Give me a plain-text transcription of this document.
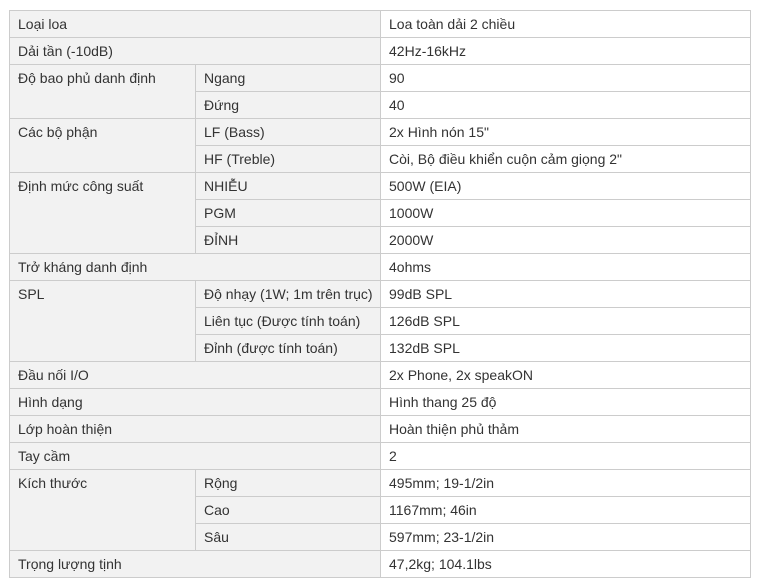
Loại loa		Loa toàn dải 2 chiều
Dải tần (-10dB)		42Hz-16kHz
Độ bao phủ danh định	Ngang	90
	Đứng	40
Các bộ phận	LF (Bass)	2x Hình nón 15"
	HF (Treble)	Còi, Bộ điều khiển cuộn cảm giọng 2"
Định mức công suất	NHIỄU	500W (EIA)
	PGM	1000W
	ĐỈNH	2000W
Trở kháng danh định		4ohms
SPL	Độ nhạy (1W; 1m trên trục)	99dB SPL
	Liên tục (Được tính toán)	126dB SPL
	Đỉnh (được tính toán)	132dB SPL
Đầu nối I/O		2x Phone, 2x speakON
Hình dạng		Hình thang 25 độ
Lớp hoàn thiện		Hoàn thiện phủ thảm
Tay cầm		2
Kích thước	Rộng	495mm; 19-1/2in
	Cao	1167mm; 46in
	Sâu	597mm; 23-1/2in
Trọng lượng tịnh		47,2kg; 104.1lbs
